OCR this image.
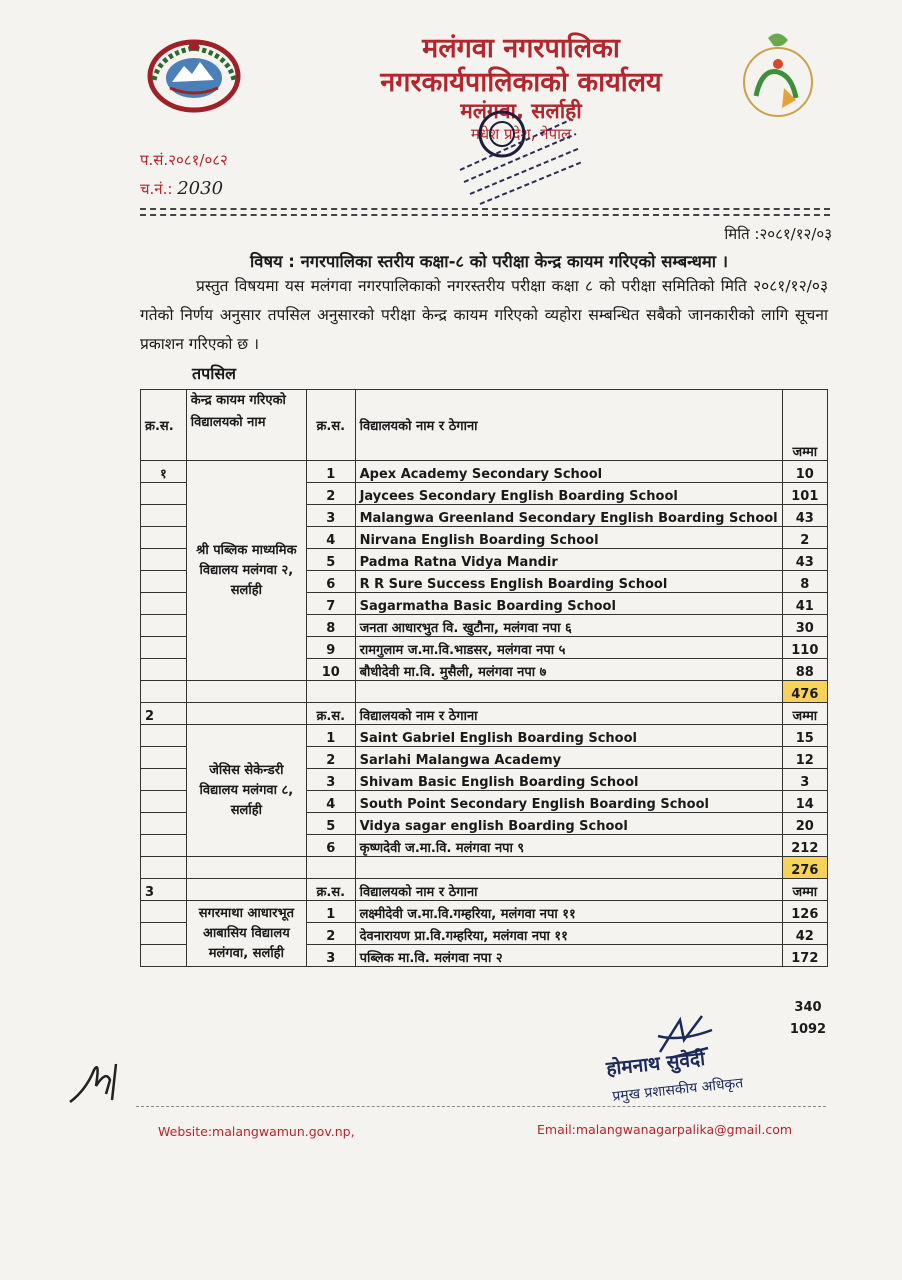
मलंगवा नगरपालिका
नगरकार्यपालिकाको कार्यालय
मलंगवा, सर्लाही
मधेश प्रदेश, नेपाल
प.सं.२०८१/०८२
च.नं.: 2030
मिति :२०८१/१२/०३
विषय : नगरपालिका स्तरीय कक्षा-८ को परीक्षा केन्द्र कायम गरिएको सम्बन्धमा ।
प्रस्तुत विषयमा यस मलंगवा नगरपालिकाको नगरस्तरीय परीक्षा कक्षा ८ को परीक्षा समितिको मिति २०८१/१२/०३ गतेको निर्णय अनुसार तपसिल अनुसारको परीक्षा केन्द्र कायम गरिएको व्यहोरा सम्बन्धित सबैको जानकारीको लागि सूचना प्रकाशन गरिएको छ ।
तपसिल
क्र.स.	केन्द्र कायम गरिएको विद्यालयको नाम	क्र.स.	विद्यालयको नाम र ठेगाना	जम्मा
१	श्री पब्लिक माध्यमिक विद्यालय मलंगवा २, सर्लाही	1	Apex Academy Secondary School	10
		2	Jaycees Secondary English Boarding School	101
		3	Malangwa Greenland Secondary English Boarding School	43
		4	Nirvana English Boarding School	2
		5	Padma Ratna Vidya Mandir	43
		6	R R Sure Success English Boarding School	8
		7	Sagarmatha Basic Boarding School	41
		8	जनता आधारभुत वि. खुटौना, मलंगवा नपा ६	30
		9	रामगुलाम ज.मा.वि.भाडसर, मलंगवा नपा ५	110
		10	बौधीदेवी मा.वि. मुसैली, मलंगवा नपा ७	88
				476
2		क्र.स.	विद्यालयको नाम र ठेगाना	जम्मा
	जेसिस सेकेन्डरी विद्यालय मलंगवा ८, सर्लाही	1	Saint Gabriel English Boarding School	15
		2	Sarlahi Malangwa Academy	12
		3	Shivam Basic English Boarding School	3
		4	South Point Secondary English Boarding School	14
		5	Vidya sagar english Boarding School	20
		6	कृष्णदेवी ज.मा.वि. मलंगवा नपा ९	212
				276
3		क्र.स.	विद्यालयको नाम र ठेगाना	जम्मा
	सगरमाथा आधारभूत आबासिय विद्यालय मलंगवा, सर्लाही	1	लक्ष्मीदेवी ज.मा.वि.गम्हरिया, मलंगवा नपा ११	126
		2	देवनारायण प्रा.वि.गम्हरिया, मलंगवा नपा ११	42
		3	पब्लिक मा.वि. मलंगवा नपा २	172
340
1092
होमनाथ सुवेदी
प्रमुख प्रशासकीय अधिकृत
Website:malangwamun.gov.np,	Email:malangwanagarpalika@gmail.com
